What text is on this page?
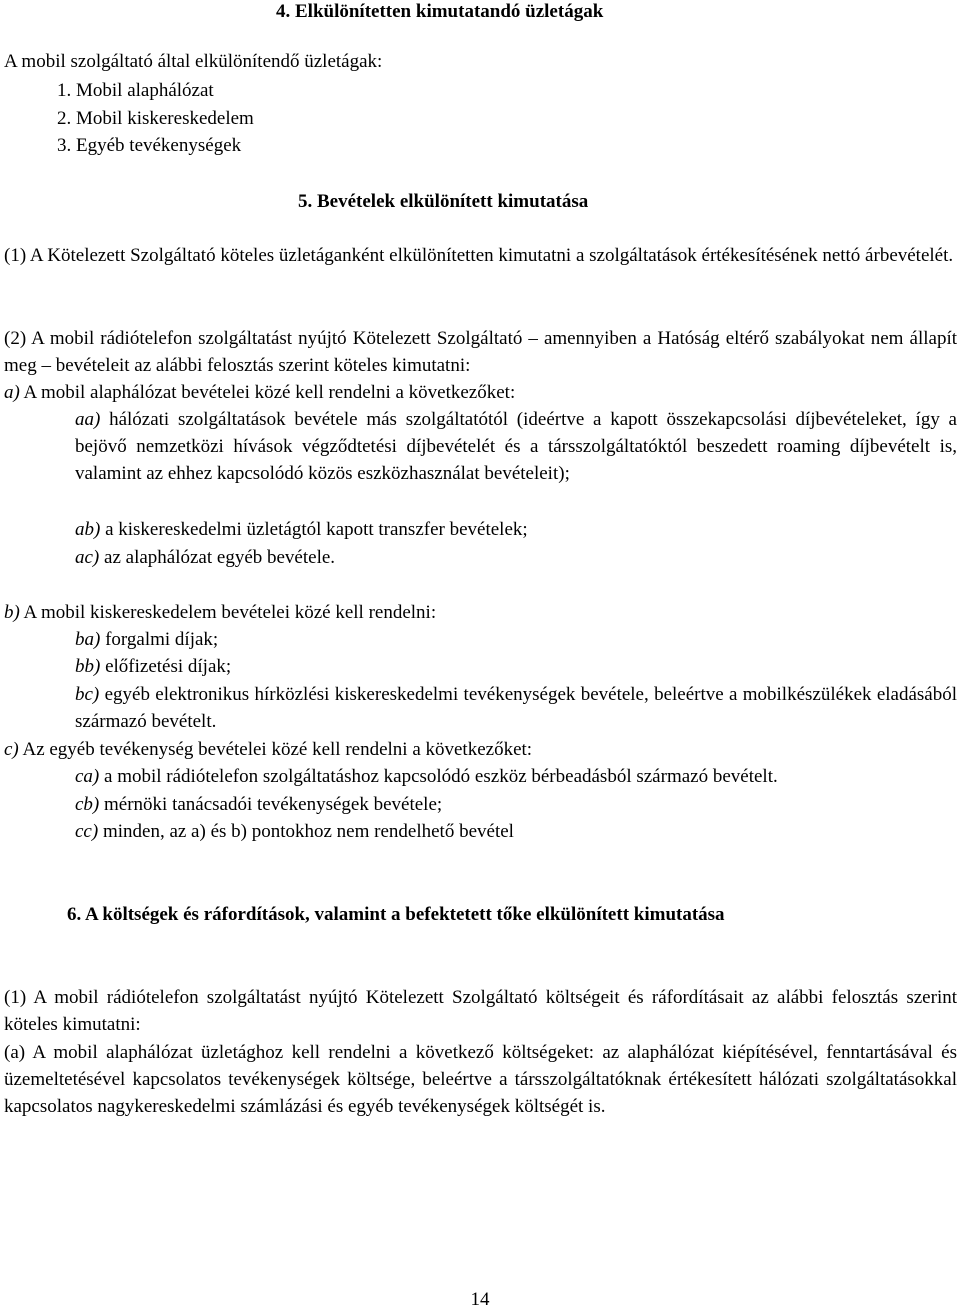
4. Elkülönítetten kimutatandó üzletágak
A mobil szolgáltató által elkülönítendő üzletágak:
1. Mobil alaphálózat
2. Mobil kiskereskedelem
3. Egyéb tevékenységek
5. Bevételek elkülönített kimutatása
(1) A Kötelezett Szolgáltató köteles üzletáganként elkülönítetten kimutatni a szolgáltatások értékesítésének nettó árbevételét.
(2) A mobil rádiótelefon szolgáltatást nyújtó Kötelezett Szolgáltató – amennyiben a Hatóság eltérő szabályokat nem állapít meg – bevételeit az alábbi felosztás szerint köteles kimutatni:
a) A mobil alaphálózat bevételei közé kell rendelni a következőket:
aa) hálózati szolgáltatások bevétele más szolgáltatótól (ideértve a kapott összekapcsolási díjbevételeket, így a bejövő nemzetközi hívások végződtetési díjbevételét és a társszolgáltatóktól beszedett roaming díjbevételt is, valamint az ehhez kapcsolódó közös eszközhasználat bevételeit);
ab) a kiskereskedelmi üzletágtól kapott transzfer bevételek;
ac) az alaphálózat egyéb bevétele.
b) A mobil kiskereskedelem bevételei közé kell rendelni:
ba) forgalmi díjak;
bb) előfizetési díjak;
bc) egyéb elektronikus hírközlési kiskereskedelmi tevékenységek bevétele, beleértve a mobilkészülékek eladásából származó bevételt.
c) Az egyéb tevékenység bevételei közé kell rendelni a következőket:
ca) a mobil rádiótelefon szolgáltatáshoz kapcsolódó eszköz bérbeadásból származó bevételt.
cb) mérnöki tanácsadói tevékenységek bevétele;
cc) minden, az a) és b) pontokhoz nem rendelhető bevétel
6. A költségek és ráfordítások, valamint a befektetett tőke elkülönített kimutatása
(1) A mobil rádiótelefon szolgáltatást nyújtó Kötelezett Szolgáltató költségeit és ráfordításait az alábbi felosztás szerint köteles kimutatni:
(a) A mobil alaphálózat üzletághoz kell rendelni a következő költségeket: az alaphálózat kiépítésével, fenntartásával és üzemeltetésével kapcsolatos tevékenységek költsége, beleértve a társszolgáltatóknak értékesített hálózati szolgáltatásokkal kapcsolatos nagykereskedelmi számlázási és egyéb tevékenységek költségét is.
14
